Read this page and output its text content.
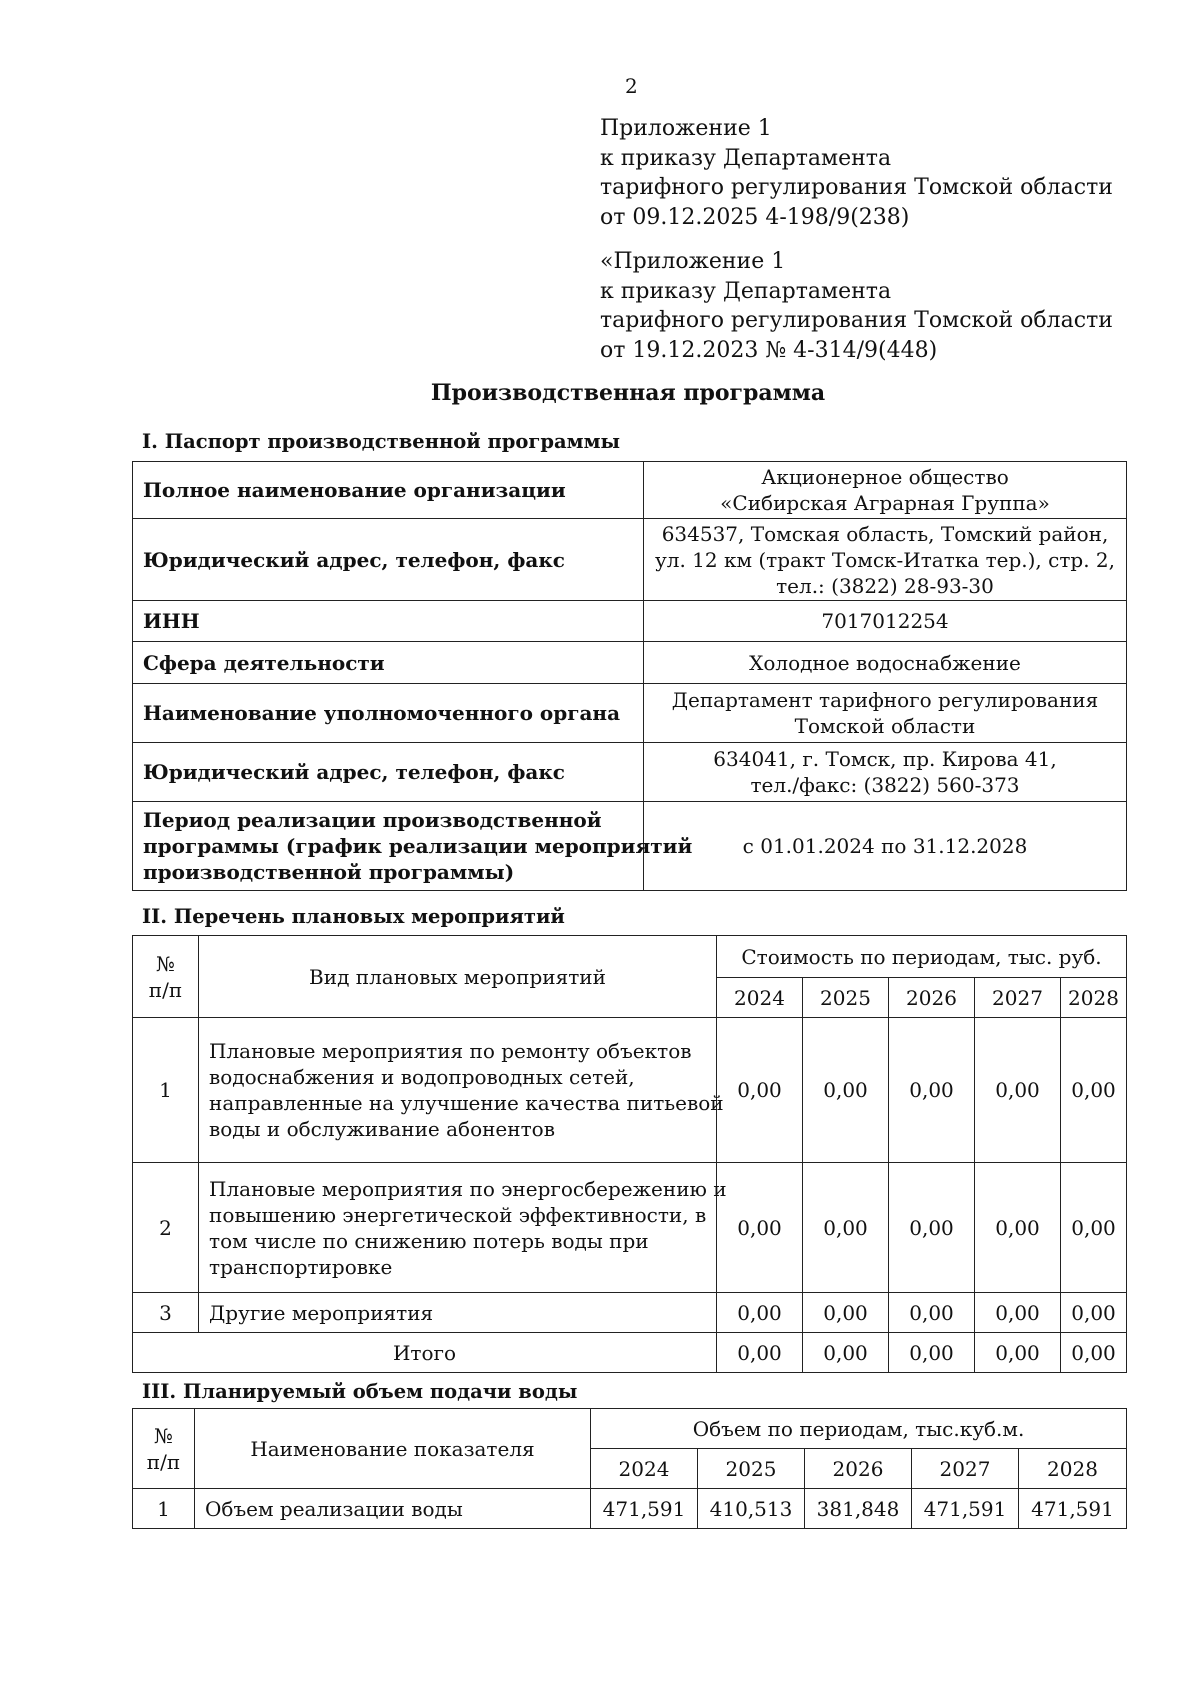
2
Приложение 1
к приказу Департамента
тарифного регулирования Томской области
от 09.12.2025 4-198/9(238)
«Приложение 1
к приказу Департамента
тарифного регулирования Томской области
от 19.12.2023 № 4-314/9(448)
Производственная программа
I. Паспорт производственной программы
Полное наименование организации	Акционерное общество
«Сибирская Аграрная Группа»

Юридический адрес, телефон, факс	634537, Томская область, Томский район,
ул. 12 км (тракт Томск-Итатка тер.), стр. 2,
тел.: (3822) 28-93-30

ИНН	7017012254

Сфера деятельности	Холодное водоснабжение

Наименование уполномоченного органа	Департамент тарифного регулирования
Томской области

Юридический адрес, телефон, факс	634041, г. Томск, пр. Кирова 41,
тел./факс: (3822) 560-373

Период реализации производственной
программы (график реализации мероприятий
производственной программы)	с 01.01.2024 по 31.12.2028
II. Перечень плановых мероприятий
№
п/п	Вид плановых мероприятий	Стоимость по периодам, тыс. руб.				
		2024	2025	2026	2027	2028
1	Плановые мероприятия по ремонту объектов
водоснабжения и водопроводных сетей,
направленные на улучшение качества питьевой
воды и обслуживание абонентов	0,00	0,00	0,00	0,00	0,00
2	Плановые мероприятия по энергосбережению и
повышению энергетической эффективности, в
том числе по снижению потерь воды при
транспортировке	0,00	0,00	0,00	0,00	0,00
3	Другие мероприятия	0,00	0,00	0,00	0,00	0,00
Итого		0,00	0,00	0,00	0,00	0,00
III. Планируемый объем подачи воды
№
п/п	Наименование показателя	Объем по периодам, тыс.куб.м.				
		2024	2025	2026	2027	2028
1	Объем реализации воды	471,591	410,513	381,848	471,591	471,591
